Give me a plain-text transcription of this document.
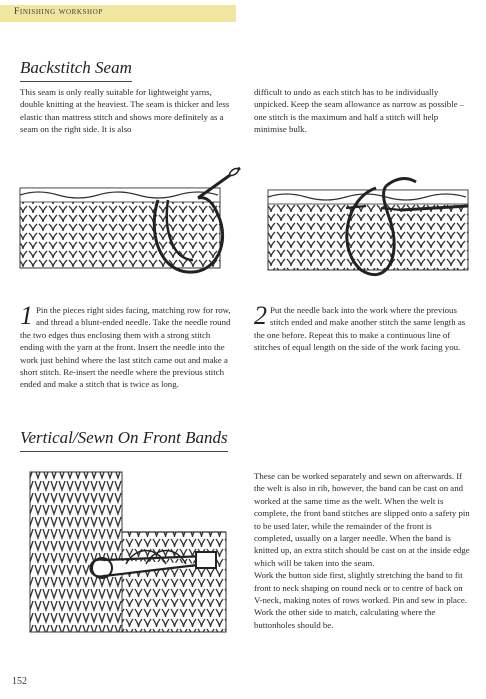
Finishing workshop
Backstitch Seam

This seam is only really suitable for lightweight yarns, double knitting at the heaviest. The seam is thicker and less elastic than mattress stitch and shows more definitely as a seam on the right side. It is also

difficult to undo as each stitch has to be individually unpicked. Keep the seam allowance as narrow as possible – one stitch is the maximum and half a stitch will help minimise bulk.

1 Pin the pieces right sides facing, matching row for row, and thread a blunt-ended needle. Take the needle round the two edges thus enclosing them with a strong stitch ending with the yarn at the front. Insert the needle into the work just behind where the last stitch came out and make a short stitch. Re-insert the needle where the previous stitch ended and make a stitch that is twice as long.
2 Put the needle back into the work where the previous stitch ended and make another stitch the same length as the one before. Repeat this to make a continuous line of stitches of equal length on the side of the work facing you.
Vertical/Sewn On Front Bands

These can be worked separately and sewn on afterwards. If the welt is also in rib, however, the band can be cast on and worked at the same time as the welt. When the welt is complete, the front band stitches are slipped onto a safety pin to be used later, while the remainder of the front is completed, usually on a larger needle. When the band is knitted up, an extra stitch should be cast on at the inside edge which will be taken into the seam.
Work the button side first, slightly stretching the band to fit front to neck shaping on round neck or to centre of back on V-neck, making notes of rows worked. Pin and sew in place. Work the other side to match, calculating where the buttonholes should be.

152
